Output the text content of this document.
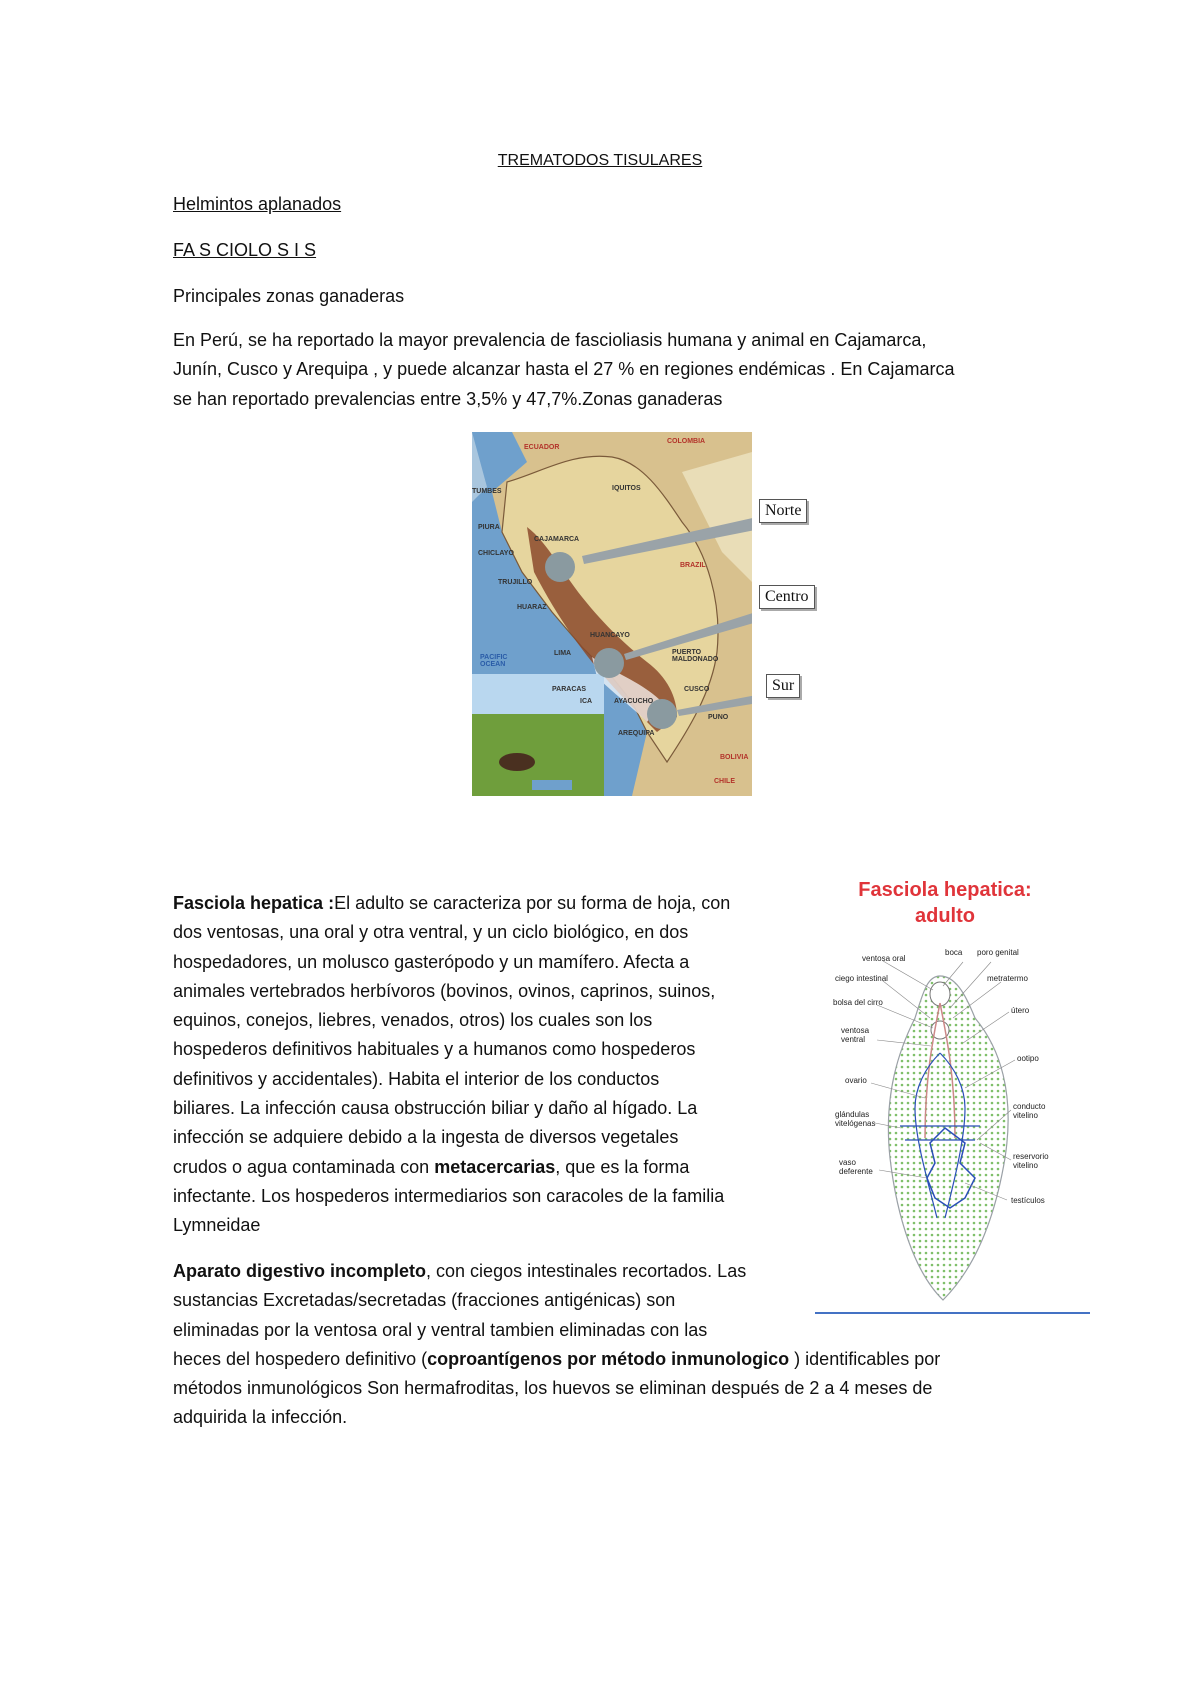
TREMATODOS TISULARES
Helmintos aplanados
FA S CIOLO S I S
Principales zonas ganaderas
En Perú, se ha reportado la mayor prevalencia de fascioliasis humana y animal en Cajamarca,
Junín, Cusco y Arequipa , y puede alcanzar hasta el 27 % en regiones endémicas . En Cajamarca
se han reportado prevalencias entre 3,5% y 47,7%.Zonas ganaderas
ECUADOR
COLOMBIA
TUMBES	IQUITOS
PIURA
CHICLAYO
CAJAMARCA
BRAZIL
TRUJILLO
HUARAZ
HUANCAYO
LIMA	PUERTO MALDONADO
PACIFIC OCEAN
PARACAS
ICA
CUSCO
AYACUCHO
PUNO
AREQUIPA
BOLIVIA
CHILE
Norte
Centro
Sur
Fasciola hepatica :El adulto se caracteriza por su forma de hoja, con
dos ventosas, una oral y otra ventral, y un ciclo biológico, en dos
hospedadores, un molusco gasterópodo y un mamífero. Afecta a
animales vertebrados herbívoros (bovinos, ovinos, caprinos, suinos,
equinos, conejos, liebres, venados, otros) los cuales son los
hospederos definitivos habituales y a humanos como hospederos
definitivos y accidentales). Habita el interior de los conductos
biliares. La infección causa obstrucción biliar y daño al hígado. La
infección se adquiere debido a la ingesta de diversos vegetales
crudos o agua contaminada con metacercarias, que es la forma
infectante. Los hospederos intermediarios son caracoles de la familia
Lymneidae
Aparato digestivo incompleto, con ciegos intestinales recortados. Las
sustancias Excretadas/secretadas (fracciones antigénicas) son
eliminadas por la ventosa oral y ventral tambien eliminadas con las
heces del hospedero definitivo (coproantígenos por método inmunologico ) identificables por
métodos inmunológicos Son hermafroditas, los huevos se eliminan después de 2 a 4 meses de
adquirida la infección.
Fasciola hepatica:
adulto
ventosa oral
ciego intestinal
bolsa del cirro
ventosa ventral
ovario
glándulas vitelógenas
vaso deferente
boca poro genital
metratermo
útero
ootipo
conducto vitelino
reservorio vitelino
testículos
